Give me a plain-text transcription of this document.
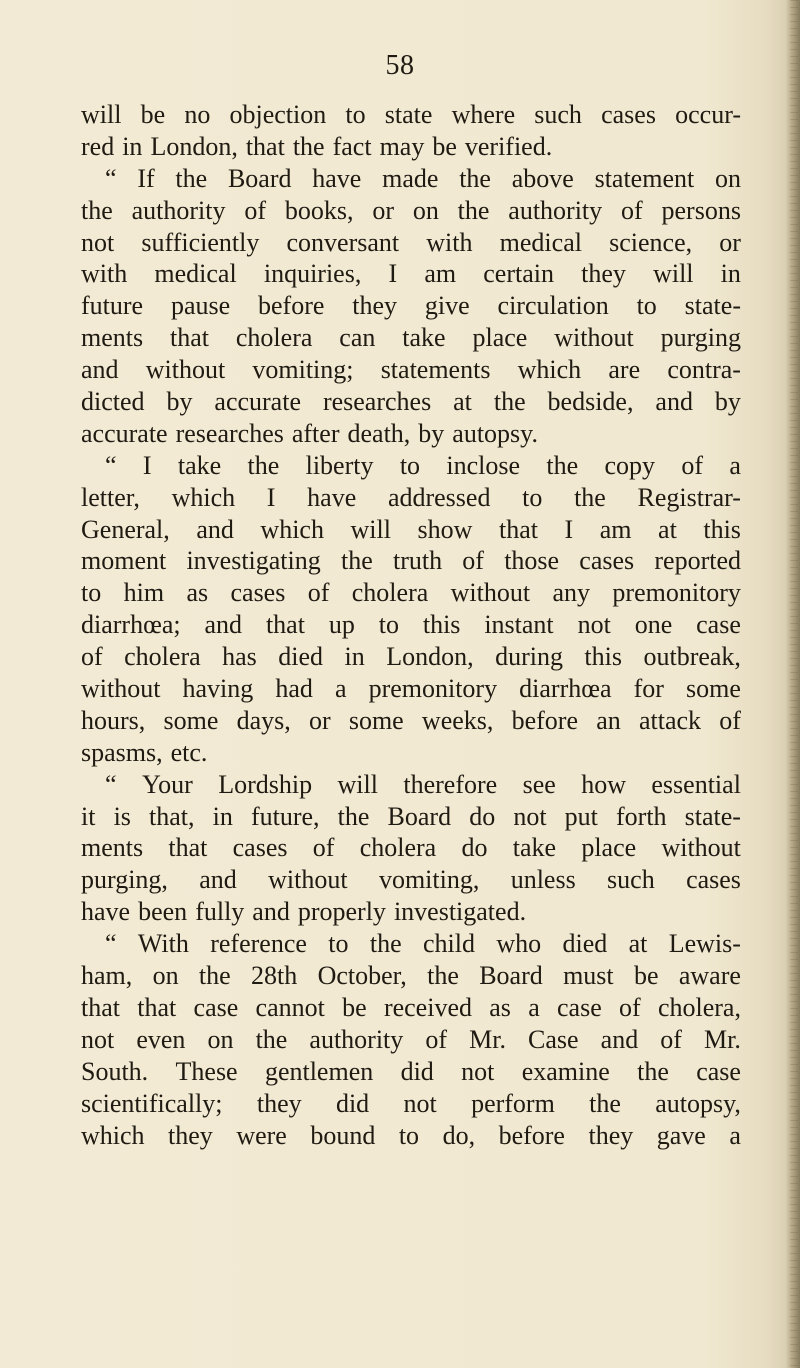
58
will be no objection to state where such cases occur-
red in London, that the fact may be verified.
“ If the Board have made the above statement on
the authority of books, or on the authority of persons
not sufficiently conversant with medical science, or
with medical inquiries, I am certain they will in
future pause before they give circulation to state-
ments that cholera can take place without purging
and without vomiting; statements which are contra-
dicted by accurate researches at the bedside, and by
accurate researches after death, by autopsy.
“ I take the liberty to inclose the copy of a
letter, which I have addressed to the Registrar-
General, and which will show that I am at this
moment investigating the truth of those cases reported
to him as cases of cholera without any premonitory
diarrhœa; and that up to this instant not one case
of cholera has died in London, during this outbreak,
without having had a premonitory diarrhœa for some
hours, some days, or some weeks, before an attack of
spasms, etc.
“ Your Lordship will therefore see how essential
it is that, in future, the Board do not put forth state-
ments that cases of cholera do take place without
purging, and without vomiting, unless such cases
have been fully and properly investigated.
“ With reference to the child who died at Lewis-
ham, on the 28th October, the Board must be aware
that that case cannot be received as a case of cholera,
not even on the authority of Mr. Case and of Mr.
South. These gentlemen did not examine the case
scientifically; they did not perform the autopsy,
which they were bound to do, before they gave a
